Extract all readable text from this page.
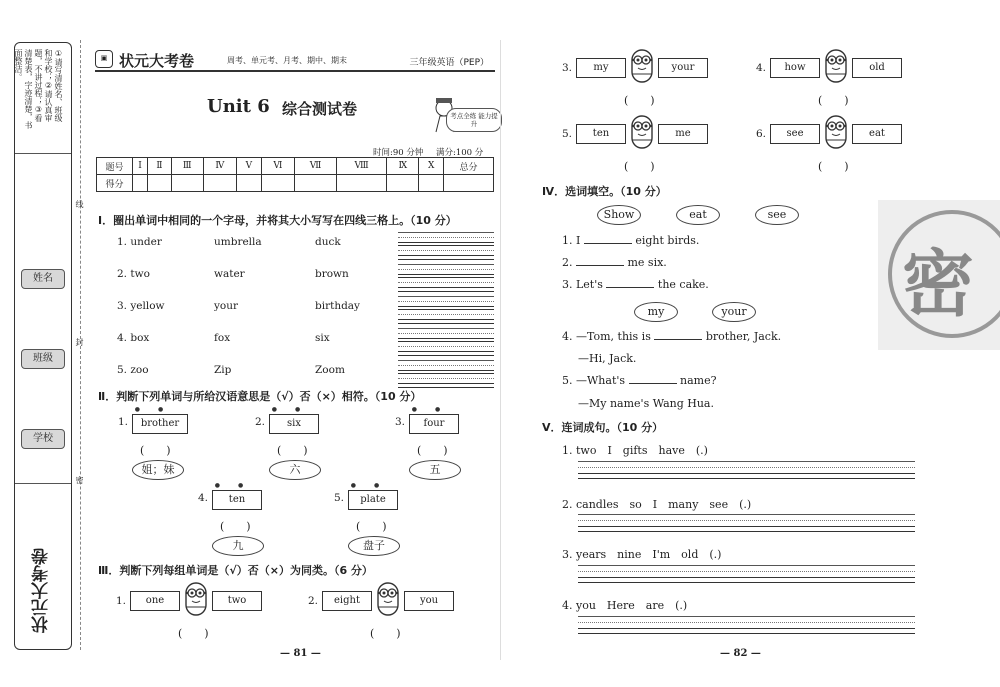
①请写清姓名、班级和学校；②请认真审题，不讲过程；③看清楚表，字迹清楚，书面整洁。
姓名
班级
学校
状元大考卷
线
封
密
▣ 状元大考卷	周考、单元考、月考、期中、期末	三年级英语（PEP）
Unit 6 综合测试卷	考点全练 能力提升
时间:90 分钟 满分:100 分
题号	Ⅰ	Ⅱ	Ⅲ	Ⅳ	Ⅴ	Ⅵ	Ⅶ	Ⅷ	Ⅸ	Ⅹ	总分
得分											
Ⅰ．圈出单词中相同的一个字母，并将其大小写写在四线三格上。（10 分）
1. under	umbrella	duck
2. two	water	brown
3. yellow	your	birthday
4. box	fox	six
5. zoo	Zip	Zoom
Ⅱ．判断下列单词与所给汉语意思是（√）否（×）相符。（10 分）
1.
●●
brother
(　　)
姐；妹
2.
●●
six
(　　)
六
3.
●●
four
(　　)
五
4.
●●
ten
(　　)
九
5.
●●
plate
(　　)
盘子
Ⅲ．判断下列每组单词是（√）否（×）为同类。（6 分）
1.	one	two
(　　)
2.	eight	you
(　　)
3.	my	your
(　　)
4.	how	old
(　　)
5.	ten	me
(　　)
6.	see	eat
(　　)
Ⅳ．选词填空。（10 分）
Show	eat	see
1. I	eight birds.
2.	me six.
3. Let's	the cake.
my	your
4. —Tom, this is	brother, Jack.
—Hi, Jack.
5. —What's	name?
—My name's Wang Hua.
Ⅴ．连词成句。（10 分）
1. two　I　gifts　have　(.)
2. candles　so　I　many　see　(.)
3. years　nine　I'm　old　(.)
4. you　Here　are　(.)
密
— 81 —	— 82 —
